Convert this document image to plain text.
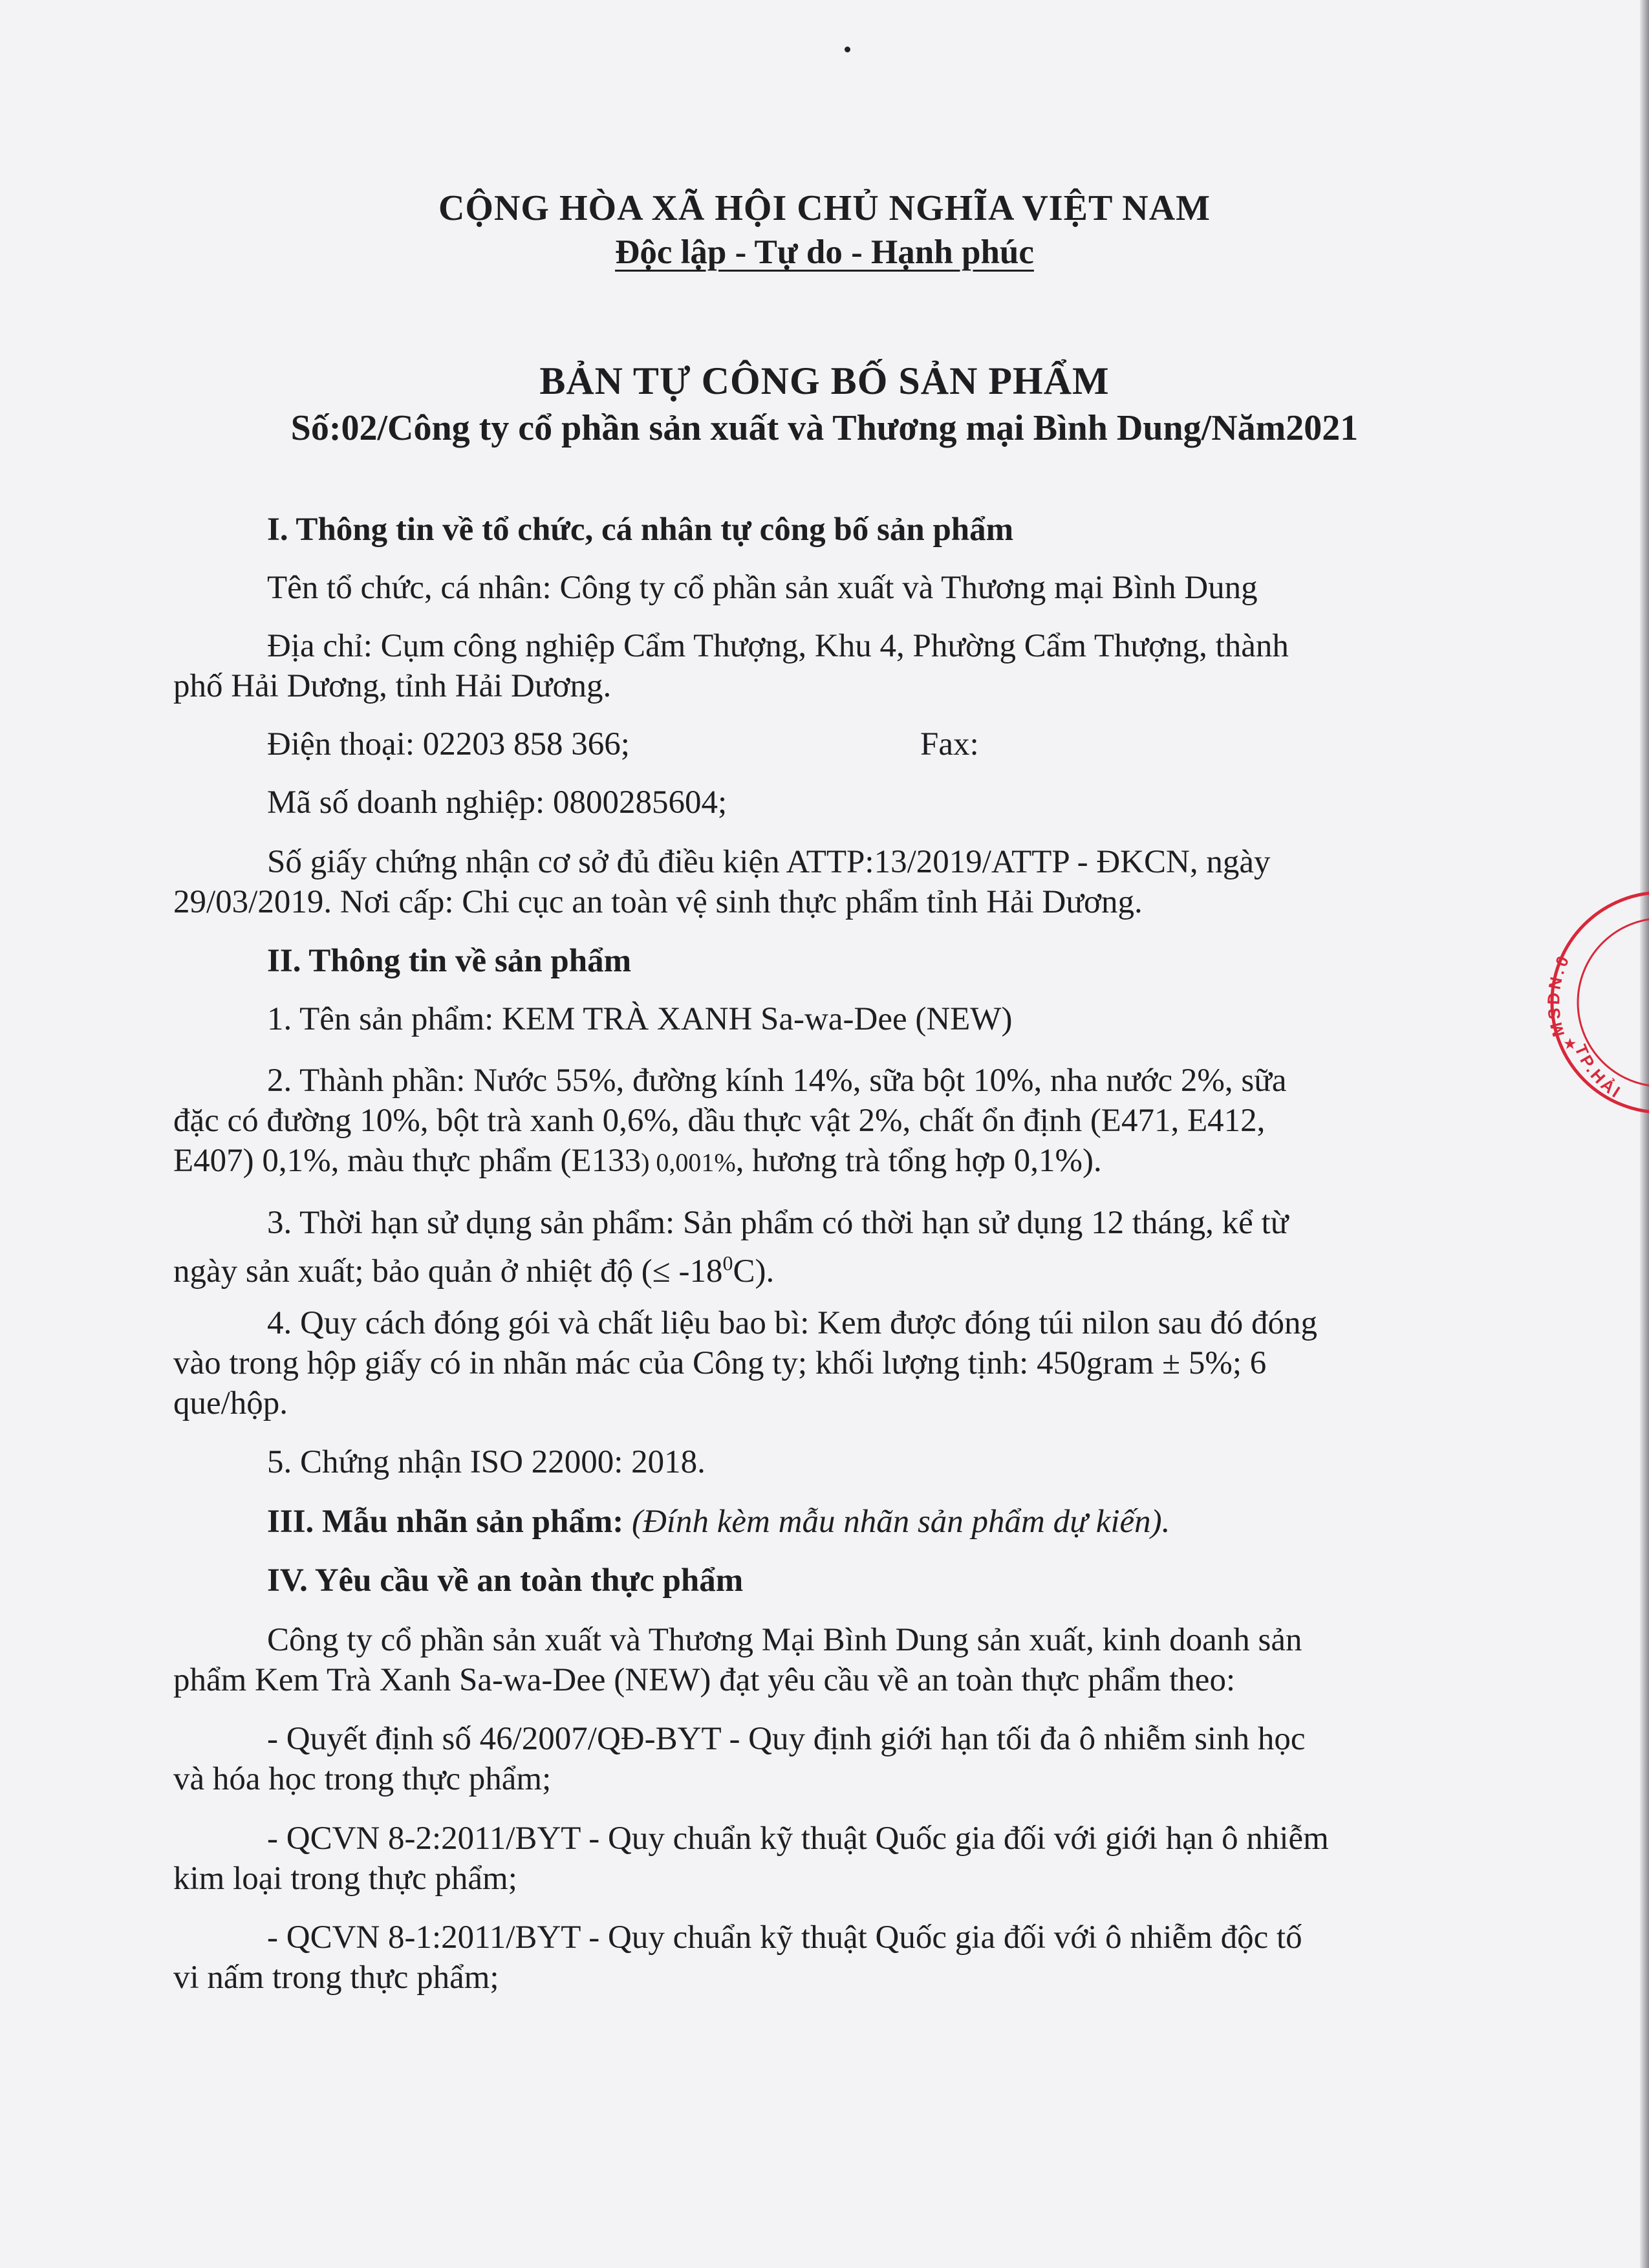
CỘNG HÒA XÃ HỘI CHỦ NGHĨA VIỆT NAM
Độc lập - Tự do - Hạnh phúc
BẢN TỰ CÔNG BỐ SẢN PHẨM
Số:02/Công ty cổ phần sản xuất và Thương mại Bình Dung/Năm2021

I. Thông tin về tổ chức, cá nhân tự công bố sản phẩm

Tên tổ chức, cá nhân: Công ty cổ phần sản xuất và Thương mại Bình Dung

Địa chỉ: Cụm công nghiệp Cẩm Thượng, Khu 4, Phường Cẩm Thượng, thành

phố Hải Dương, tỉnh Hải Dương.

Điện thoại: 02203 858 366;	Fax:

Mã số doanh nghiệp: 0800285604;

Số giấy chứng nhận cơ sở đủ điều kiện ATTP:13/2019/ATTP - ĐKCN, ngày

29/03/2019. Nơi cấp: Chi cục an toàn vệ sinh thực phẩm tỉnh Hải Dương.

II. Thông tin về sản phẩm

1. Tên sản phẩm: KEM TRÀ XANH Sa-wa-Dee (NEW)

2. Thành phần: Nước 55%, đường kính 14%, sữa bột 10%, nha nước 2%, sữa

đặc có đường 10%, bột trà xanh 0,6%, dầu thực vật 2%, chất ổn định (E471, E412,

E407) 0,1%, màu thực phẩm (E133) 0,001%, hương trà tổng hợp 0,1%).

3. Thời hạn sử dụng sản phẩm: Sản phẩm có thời hạn sử dụng 12 tháng, kể từ

ngày sản xuất; bảo quản ở nhiệt độ (≤ $-18^0C$).

4. Quy cách đóng gói và chất liệu bao bì: Kem được đóng túi nilon sau đó đóng

vào trong hộp giấy có in nhãn mác của Công ty; khối lượng tịnh: 450gram ± 5%; 6

que/hộp.

5. Chứng nhận ISO 22000: 2018.

III. Mẫu nhãn sản phẩm: (Đính kèm mẫu nhãn sản phẩm dự kiến).

IV. Yêu cầu về an toàn thực phẩm

Công ty cổ phần sản xuất và Thương Mại Bình Dung sản xuất, kinh doanh sản

phẩm Kem Trà Xanh Sa-wa-Dee (NEW) đạt yêu cầu về an toàn thực phẩm theo:

- Quyết định số 46/2007/QĐ-BYT - Quy định giới hạn tối đa ô nhiễm sinh học

và hóa học trong thực phẩm;

- QCVN 8-2:2011/BYT - Quy chuẩn kỹ thuật Quốc gia đối với giới hạn ô nhiễm

kim loại trong thực phẩm;

- QCVN 8-1:2011/BYT - Quy chuẩn kỹ thuật Quốc gia đối với ô nhiễm độc tố

vi nấm trong thực phẩm;

MSDN:0
TP.HẢI
★
